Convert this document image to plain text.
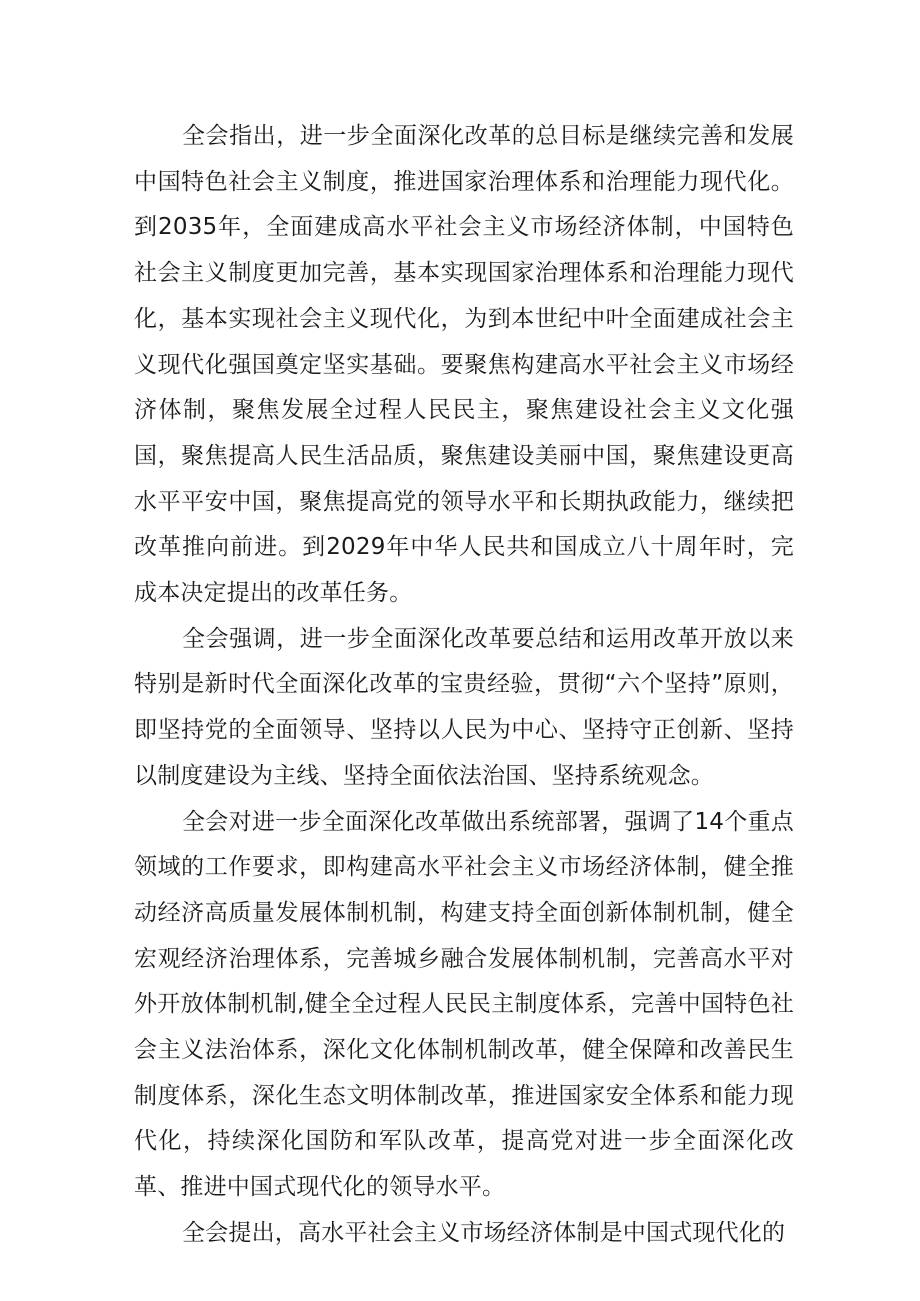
全会指出，进一步全面深化改革的总目标是继续完善和发展中国特色社会主义制度，推进国家治理体系和治理能力现代化。到2035年，全面建成高水平社会主义市场经济体制，中国特色社会主义制度更加完善，基本实现国家治理体系和治理能力现代化，基本实现社会主义现代化，为到本世纪中叶全面建成社会主义现代化强国奠定坚实基础。要聚焦构建高水平社会主义市场经济体制，聚焦发展全过程人民民主，聚焦建设社会主义文化强国，聚焦提高人民生活品质，聚焦建设美丽中国，聚焦建设更高水平平安中国，聚焦提高党的领导水平和长期执政能力，继续把改革推向前进。到2029年中华人民共和国成立八十周年时，完成本决定提出的改革任务。

全会强调，进一步全面深化改革要总结和运用改革开放以来特别是新时代全面深化改革的宝贵经验，贯彻“六个坚持”原则，即坚持党的全面领导、坚持以人民为中心、坚持守正创新、坚持以制度建设为主线、坚持全面依法治国、坚持系统观念。

全会对进一步全面深化改革做出系统部署，强调了14个重点领域的工作要求，即构建高水平社会主义市场经济体制，健全推动经济高质量发展体制机制，构建支持全面创新体制机制，健全宏观经济治理体系，完善城乡融合发展体制机制，完善高水平对外开放体制机制,健全全过程人民民主制度体系，完善中国特色社会主义法治体系，深化文化体制机制改革，健全保障和改善民生制度体系，深化生态文明体制改革，推进国家安全体系和能力现代化，持续深化国防和军队改革，提高党对进一步全面深化改革、推进中国式现代化的领导水平。

全会提出，高水平社会主义市场经济体制是中国式现代化的
